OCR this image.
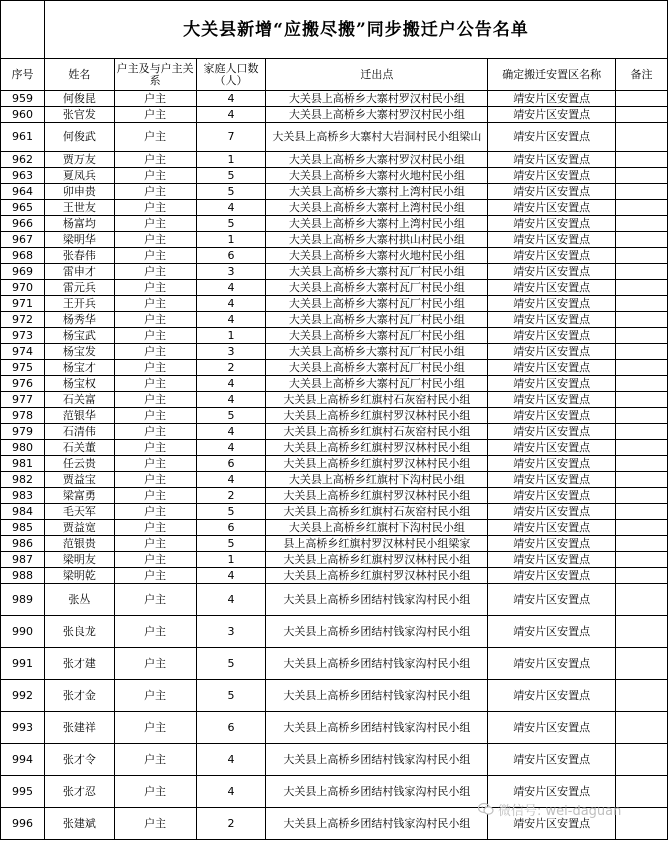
	大关县新增“应搬尽搬”同步搬迁户公告名单					
序号	姓名	户主及与户主关系	家庭人口数（人）	迁出点	确定搬迁安置区名称	备注
959	何俊昆	户主	4	大关县上高桥乡大寨村罗汉村民小组	靖安片区安置点	
960	张官发	户主	4	大关县上高桥乡大寨村罗汉村民小组	靖安片区安置点	
961	何俊武	户主	7	大关县上高桥乡大寨村大岩洞村民小组梁山	靖安片区安置点	
962	贾万友	户主	1	大关县上高桥乡大寨村罗汉村民小组	靖安片区安置点	
963	夏凤兵	户主	5	大关县上高桥乡大寨村火地村民小组	靖安片区安置点	
964	卯申贵	户主	5	大关县上高桥乡大寨村上湾村民小组	靖安片区安置点	
965	王世友	户主	4	大关县上高桥乡大寨村上湾村民小组	靖安片区安置点	
966	杨富均	户主	5	大关县上高桥乡大寨村上湾村民小组	靖安片区安置点	
967	梁明华	户主	1	大关县上高桥乡大寨村拱山村民小组	靖安片区安置点	
968	张春伟	户主	6	大关县上高桥乡大寨村火地村民小组	靖安片区安置点	
969	雷申才	户主	3	大关县上高桥乡大寨村瓦厂村民小组	靖安片区安置点	
970	雷元兵	户主	4	大关县上高桥乡大寨村瓦厂村民小组	靖安片区安置点	
971	王开兵	户主	4	大关县上高桥乡大寨村瓦厂村民小组	靖安片区安置点	
972	杨秀华	户主	4	大关县上高桥乡大寨村瓦厂村民小组	靖安片区安置点	
973	杨宝武	户主	1	大关县上高桥乡大寨村瓦厂村民小组	靖安片区安置点	
974	杨宝发	户主	3	大关县上高桥乡大寨村瓦厂村民小组	靖安片区安置点	
975	杨宝才	户主	2	大关县上高桥乡大寨村瓦厂村民小组	靖安片区安置点	
976	杨宝权	户主	4	大关县上高桥乡大寨村瓦厂村民小组	靖安片区安置点	
977	石关富	户主	4	大关县上高桥乡红旗村石灰窑村民小组	靖安片区安置点	
978	范银华	户主	5	大关县上高桥乡红旗村罗汉林村民小组	靖安片区安置点	
979	石清伟	户主	4	大关县上高桥乡红旗村石灰窑村民小组	靖安片区安置点	
980	石关董	户主	4	大关县上高桥乡红旗村罗汉林村民小组	靖安片区安置点	
981	任云贵	户主	6	大关县上高桥乡红旗村罗汉林村民小组	靖安片区安置点	
982	贾益宝	户主	4	大关县上高桥乡红旗村下沟村民小组	靖安片区安置点	
983	梁富勇	户主	2	大关县上高桥乡红旗村罗汉林村民小组	靖安片区安置点	
984	毛天军	户主	5	大关县上高桥乡红旗村石灰窑村民小组	靖安片区安置点	
985	贾益宽	户主	6	大关县上高桥乡红旗村下沟村民小组	靖安片区安置点	
986	范银贵	户主	5	县上高桥乡红旗村罗汉林村民小组梁家	靖安片区安置点	
987	梁明友	户主	1	大关县上高桥乡红旗村罗汉林村民小组	靖安片区安置点	
988	梁明乾	户主	4	大关县上高桥乡红旗村罗汉林村民小组	靖安片区安置点	
989	张丛	户主	4	大关县上高桥乡团结村钱家沟村民小组	靖安片区安置点	
990	张良龙	户主	3	大关县上高桥乡团结村钱家沟村民小组	靖安片区安置点	
991	张才建	户主	5	大关县上高桥乡团结村钱家沟村民小组	靖安片区安置点	
992	张才金	户主	5	大关县上高桥乡团结村钱家沟村民小组	靖安片区安置点	
993	张建祥	户主	6	大关县上高桥乡团结村钱家沟村民小组	靖安片区安置点	
994	张才令	户主	4	大关县上高桥乡团结村钱家沟村民小组	靖安片区安置点	
995	张才忍	户主	4	大关县上高桥乡团结村钱家沟村民小组	靖安片区安置点	
996	张建斌	户主	2	大关县上高桥乡团结村钱家沟村民小组	靖安片区安置点	
微信号: wei-daguan
